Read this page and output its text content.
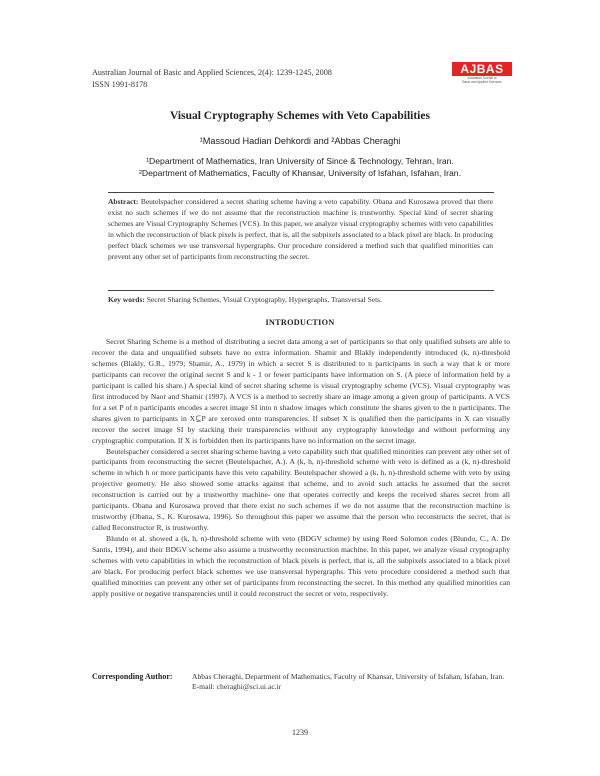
Australian Journal of Basic and Applied Sciences, 2(4): 1239-1245, 2008
ISSN 1991-8178
AJBAS
Australian Journal of
Basic and Applied Sciences
Visual Cryptography Schemes with Veto Capabilities
¹Massoud Hadian Dehkordi and ²Abbas Cheraghi
¹Department of Mathematics, Iran University of Since & Technology, Tehran, Iran.
²Department of Mathematics, Faculty of Khansar, University of Isfahan, Isfahan, Iran.
Abstract: Beutelspacher considered a secret sharing scheme having a veto capability. Obana and Kurosawa proved that there exist no such schemes if we do not assume that the reconstruction machine is trustworthy. Special kind of secret sharing schemes are Visual Cryptography Schemes (VCS). In this paper, we analyze visual cryptography schemes with veto capabilities in which the reconstruction of black pixels is perfect, that is, all the subpixels associated to a black pixel are black. In producing perfect black schemes we use transversal hypergraphs. Our procedure considered a method such that qualified minorities can prevent any other set of participants from reconstructing the secret.
Key words: Secret Sharing Schemes, Visual Cryptography, Hypergraphs, Transversal Sets.
INTRODUCTION

Secret Sharing Scheme is a method of distributing a secret data among a set of participants so that only qualified subsets are able to recover the data and unqualified subsets have no extra information. Shamir and Blakly independently introduced (k, n)-threshold schemes (Blakly, G.R., 1979; Shamir, A., 1979) in which a secret S is distributed to n participants in such a way that k or more participants can recover the original secret S and k - 1 or fewer participants have information on S. (A piece of information held by a participant is called his share.) A special kind of secret sharing scheme is visual cryptography scheme (VCS). Visual cryptography was first introduced by Naor and Shamir (1997). A VCS is a method to secretly share an image among a given group of participants. A VCS for a set P of n participants encodes a secret image SI into n shadow images which constitute the shares given to the n participants. The shares given to participants in X⊆P are xeroxed onto transparencies. If subset X is qualified then the participants in X can visually recover the secret image SI by stacking their transparencies without any cryptography knowledge and without performing any cryptographic computation. If X is forbidden then its participants have no information on the secret image.

Beutelspacher considered a secret sharing scheme having a veto capability such that qualified minorities can prevent any other set of participants from reconstructing the secret (Beutelspacher, A.). A (k, h, n)-threshold scheme with veto is defined as a (k, n)-threshold scheme in which h or more participants have this veto capability. Beutelspacher showed a (k, h, n)-threshold scheme with veto by using projective geometry. He also showed some attacks against that scheme, and to avoid such attacks he assumed that the secret reconstruction is carried out by a trustworthy machine- one that operates correctly and keeps the received shares secret from all participants. Obana and Kurosawa proved that there exist no such schemes if we do not assume that the reconstruction machine is trustworthy (Obana, S., K. Kurosawa, 1996). So throughout this paper we assume that the person who reconstructs the secret, that is called Reconstructor R, is trustworthy.

Blundo et al. showed a (k, h, n)-threshold scheme with veto (BDGV scheme) by using Reed Solomon codes (Blundo, C., A. De Santis, 1994), and their BDGV scheme also assume a trustworthy reconstruction machine. In this paper, we analyze visual cryptography schemes with veto capabilities in which the reconstruction of black pixels is perfect, that is, all the subpixels associated to a black pixel are black. For producing perfect black schemes we use transversal hypergraphs. This veto procedure considered a method such that qualified minorities can prevent any other set of participants from reconstructing the secret. In this method any qualified minorities can apply positive or negative transparencies until it could reconstruct the secret or veto, respectively.

Corresponding Author:	Abbas Cheraghi, Department of Mathematics, Faculty of Khansar, University of Isfahan, Isfahan, Iran.
E-mail: cheraghi@sci.ui.ac.ir
1239
